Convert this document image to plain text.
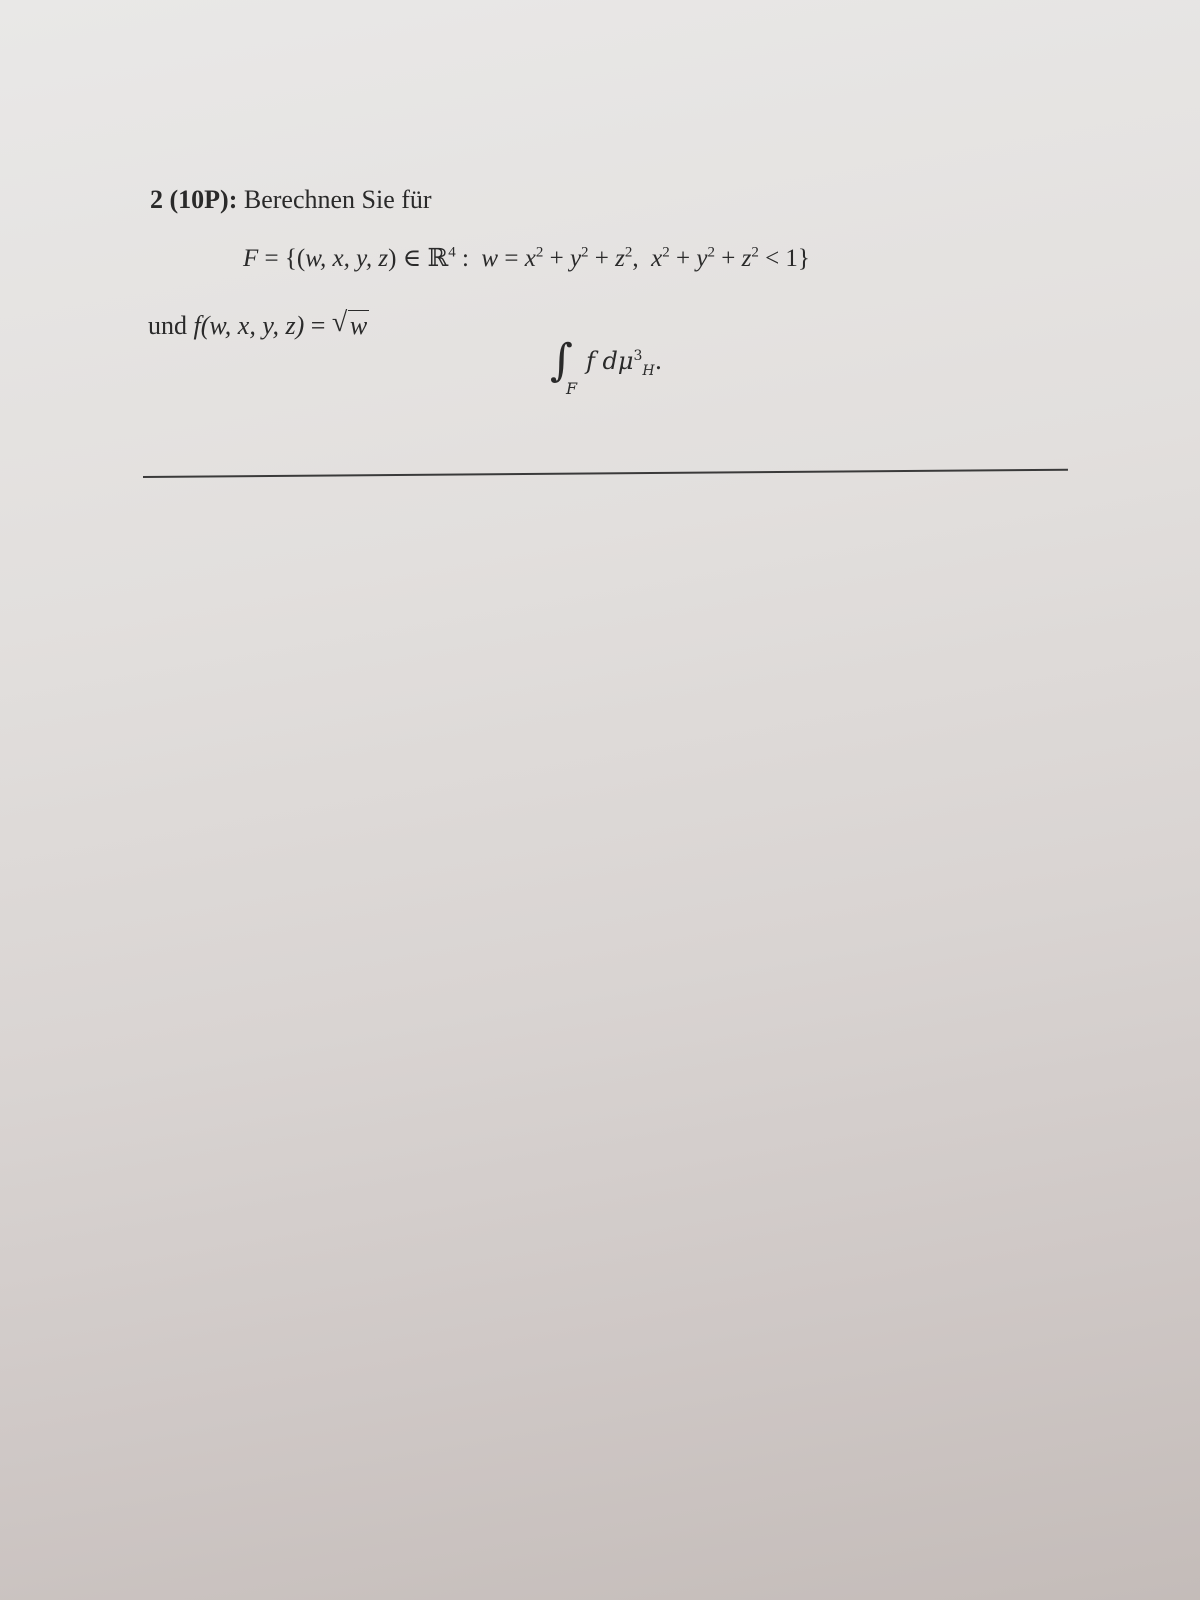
2 (10P): Berechnen Sie für
F = {(w, x, y, z) ∈ ℝ$^4$ : $w = x^2 + y^2 + z^2$, $x^2 + y^2 + z^2 < 1$}
und f(w, x, y, z) = √ w
∫
F
f $d\mu^3_H$.
